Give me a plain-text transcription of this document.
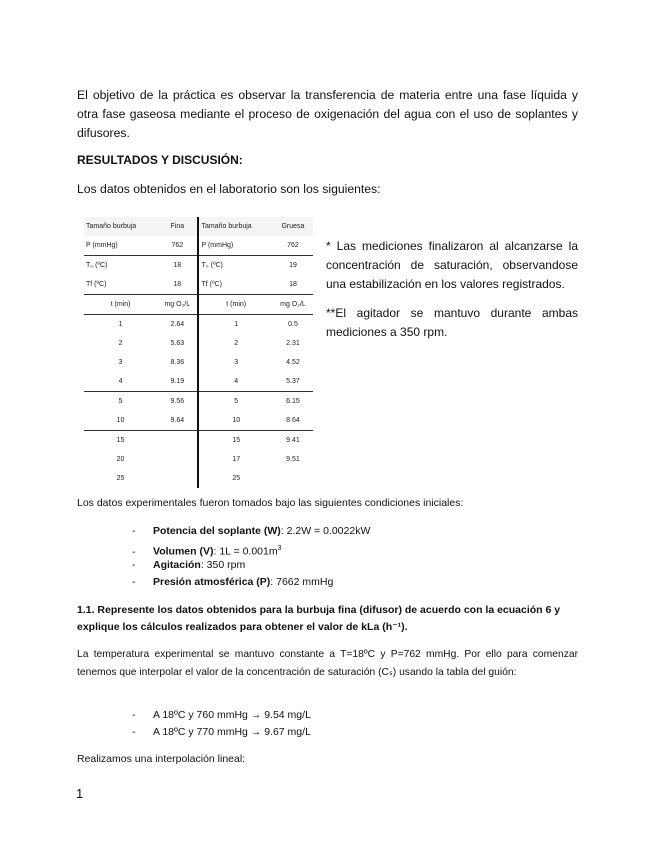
El objetivo de la práctica es observar la transferencia de materia entre una fase líquida y otra fase gaseosa mediante el proceso de oxigenación del agua con el uso de soplantes y difusores.

RESULTADOS Y DISCUSIÓN:

Los datos obtenidos en el laboratorio son los siguientes:

Tamaño burbuja	Fina	Tamaño burbuja	Gruesa
P (mmHg)	762	P (mmHg)	762
T₀ (ºC)	18	T₀ (ºC)	19
Tf (ºC)	18	Tf (ºC)	18
t (min)	mg O₂/L	t (min)	mg O₂/L
1	2.64	1	0.5
2	5.63	2	2.31
3	8.36	3	4.52
4	9.19	4	5.37
5	9.56	5	6.15
10	9.64	10	8.64
15		15	9.41
20		17	9.51
25		25	

* Las mediciones finalizaron al alcanzarse la concentración de saturación, observandose una estabilización en los valores registrados.

**El agitador se mantuvo durante ambas mediciones a 350 rpm.

Los datos experimentales fueron tomados bajo las siguientes condiciones iniciales:

- Potencia del soplante (W): 2.2W = 0.0022kW
- Volumen (V): $1L = 0.001m^3$
- Agitación: 350 rpm
- Presión atmosférica (P): 7662 mmHg

1.1. Represente los datos obtenidos para la burbuja fina (difusor) de acuerdo con la ecuación 6 y explique los cálculos realizados para obtener el valor de kLa (h⁻¹).

La temperatura experimental se mantuvo constante a T=18ºC y P=762 mmHg. Por ello para comenzar tenemos que interpolar el valor de la concentración de saturación (Cₛ) usando la tabla del guión:

- A 18ºC y 760 mmHg → 9.54 mg/L
- A 18ºC y 770 mmHg → 9.67 mg/L

Realizamos una interpolación lineal:

1
